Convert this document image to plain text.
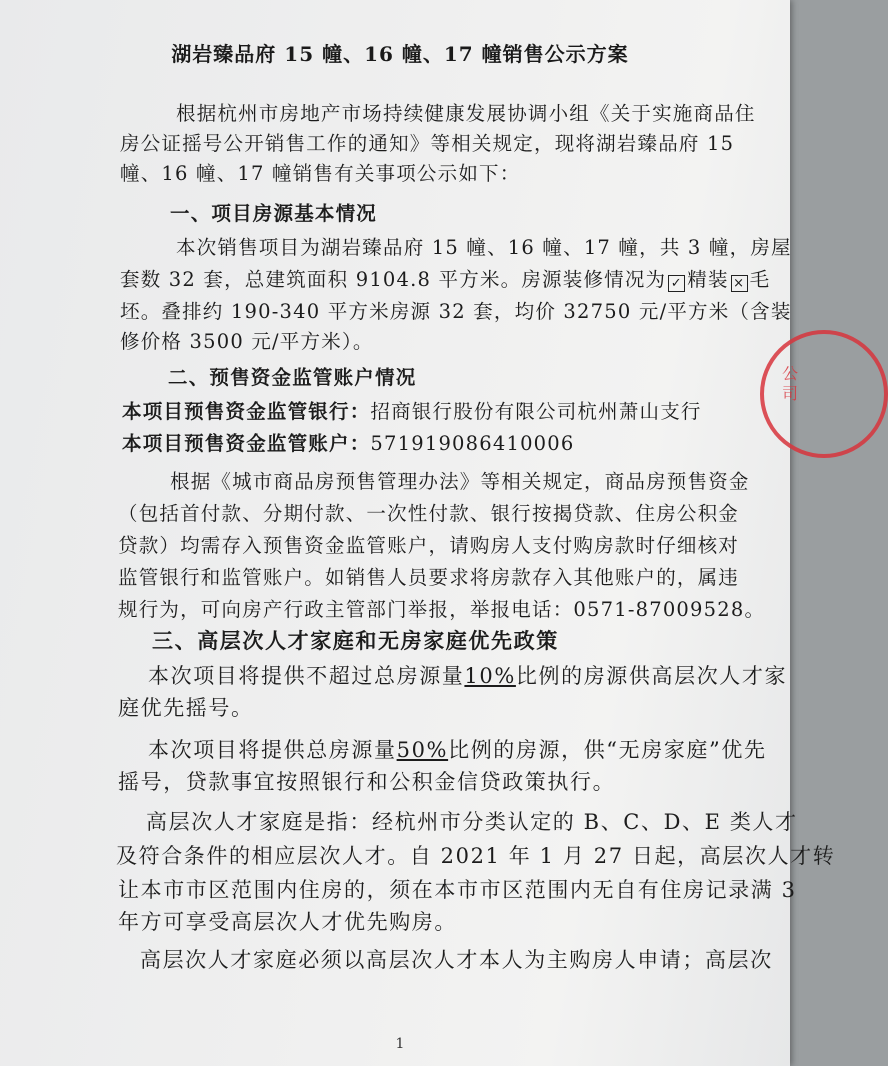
公司
湖岩臻品府 15 幢、16 幢、17 幢销售公示方案
根据杭州市房地产市场持续健康发展协调小组《关于实施商品住
房公证摇号公开销售工作的通知》等相关规定，现将湖岩臻品府 15
幢、16 幢、17 幢销售有关事项公示如下：
一、项目房源基本情况
本次销售项目为湖岩臻品府 15 幢、16 幢、17 幢，共 3 幢，房屋
套数 32 套，总建筑面积 9104.8 平方米。房源装修情况为 ✓ 精装 × 毛
坯。叠排约 190-340 平方米房源 32 套，均价 32750 元/平方米（含装
修价格 3500 元/平方米）。
二、预售资金监管账户情况
本项目预售资金监管银行：招商银行股份有限公司杭州萧山支行
本项目预售资金监管账户：571919086410006
根据《城市商品房预售管理办法》等相关规定，商品房预售资金
（包括首付款、分期付款、一次性付款、银行按揭贷款、住房公积金
贷款）均需存入预售资金监管账户，请购房人支付购房款时仔细核对
监管银行和监管账户。如销售人员要求将房款存入其他账户的，属违
规行为，可向房产行政主管部门举报，举报电话：0571-87009528。
三、高层次人才家庭和无房家庭优先政策
本次项目将提供不超过总房源量10%比例的房源供高层次人才家
庭优先摇号。
本次项目将提供总房源量50%比例的房源，供“无房家庭”优先
摇号，贷款事宜按照银行和公积金信贷政策执行。
高层次人才家庭是指：经杭州市分类认定的 B、C、D、E 类人才
及符合条件的相应层次人才。自 2021 年 1 月 27 日起，高层次人才转
让本市市区范围内住房的，须在本市市区范围内无自有住房记录满 3
年方可享受高层次人才优先购房。
高层次人才家庭必须以高层次人才本人为主购房人申请；高层次
1
